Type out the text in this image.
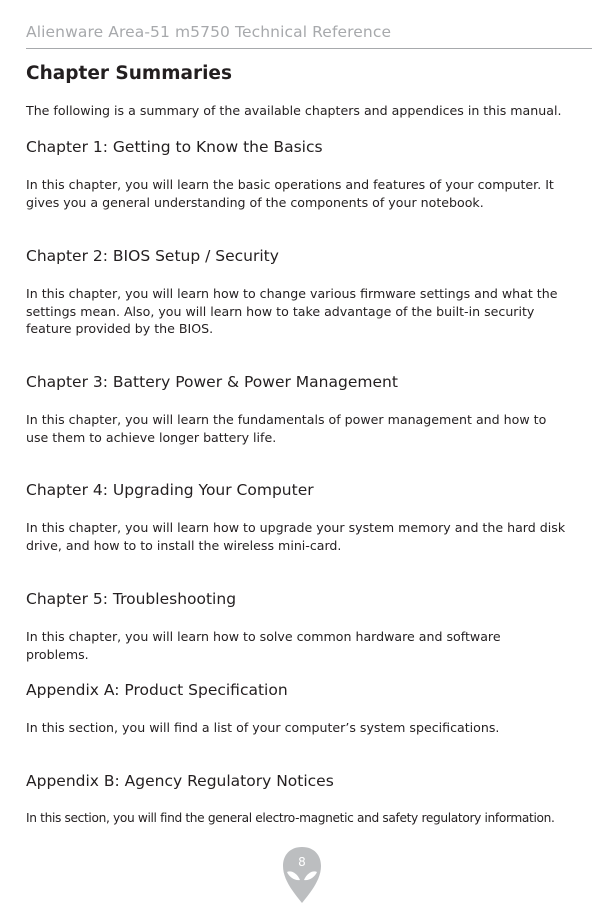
Alienware Area-51 m5750 Technical Reference
Chapter Summaries

The following is a summary of the available chapters and appendices in this manual.

Chapter 1: Getting to Know the Basics

In this chapter, you will learn the basic operations and features of your computer. It gives you a general understanding of the components of your notebook.

Chapter 2: BIOS Setup / Security

In this chapter, you will learn how to change various firmware settings and what the settings mean. Also, you will learn how to take advantage of the built-in security feature provided by the BIOS.

Chapter 3: Battery Power & Power Management

In this chapter, you will learn the fundamentals of power management and how to use them to achieve longer battery life.

Chapter 4: Upgrading Your Computer

In this chapter, you will learn how to upgrade your system memory and the hard disk drive, and how to to install the wireless mini-card.

Chapter 5: Troubleshooting

In this chapter, you will learn how to solve common hardware and software problems.

Appendix A: Product Specification

In this section, you will find a list of your computer’s system specifications.

Appendix B: Agency Regulatory Notices

In this section, you will find the general electro-magnetic and safety regulatory information.

8
